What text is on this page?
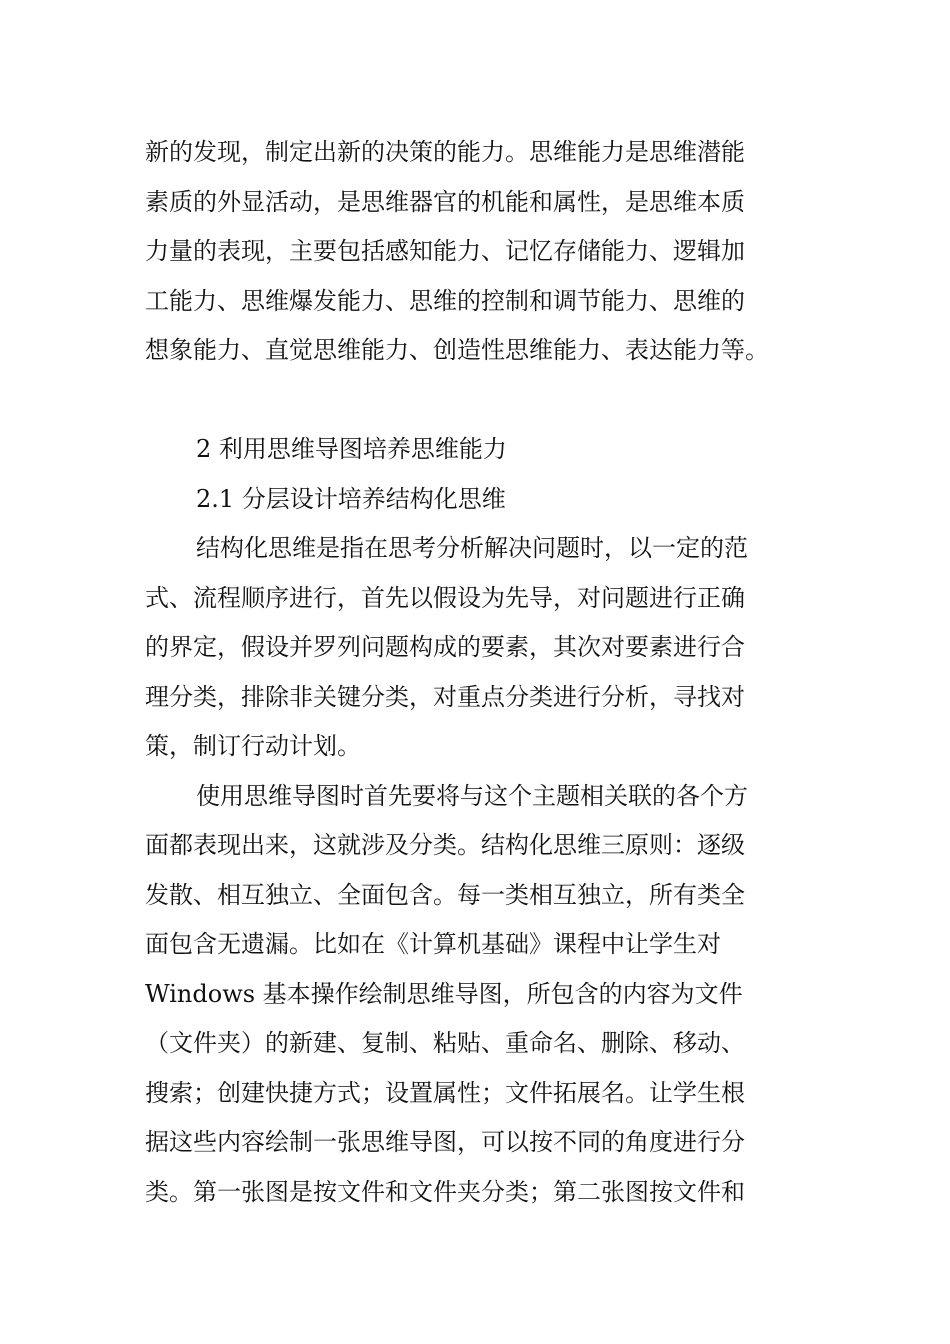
新的发现，制定出新的决策的能力。思维能力是思维潜能
素质的外显活动，是思维器官的机能和属性，是思维本质
力量的表现，主要包括感知能力、记忆存储能力、逻辑加
工能力、思维爆发能力、思维的控制和调节能力、思维的
想象能力、直觉思维能力、创造性思维能力、表达能力等。
2 利用思维导图培养思维能力
2.1 分层设计培养结构化思维
结构化思维是指在思考分析解决问题时，以一定的范
式、流程顺序进行，首先以假设为先导，对问题进行正确
的界定，假设并罗列问题构成的要素，其次对要素进行合
理分类，排除非关键分类，对重点分类进行分析，寻找对
策，制订行动计划。
使用思维导图时首先要将与这个主题相关联的各个方
面都表现出来，这就涉及分类。结构化思维三原则：逐级
发散、相互独立、全面包含。每一类相互独立，所有类全
面包含无遗漏。比如在《计算机基础》课程中让学生对
Windows 基本操作绘制思维导图，所包含的内容为文件
（文件夹）的新建、复制、粘贴、重命名、删除、移动、
搜索；创建快捷方式；设置属性；文件拓展名。让学生根
据这些内容绘制一张思维导图，可以按不同的角度进行分
类。第一张图是按文件和文件夹分类；第二张图按文件和
